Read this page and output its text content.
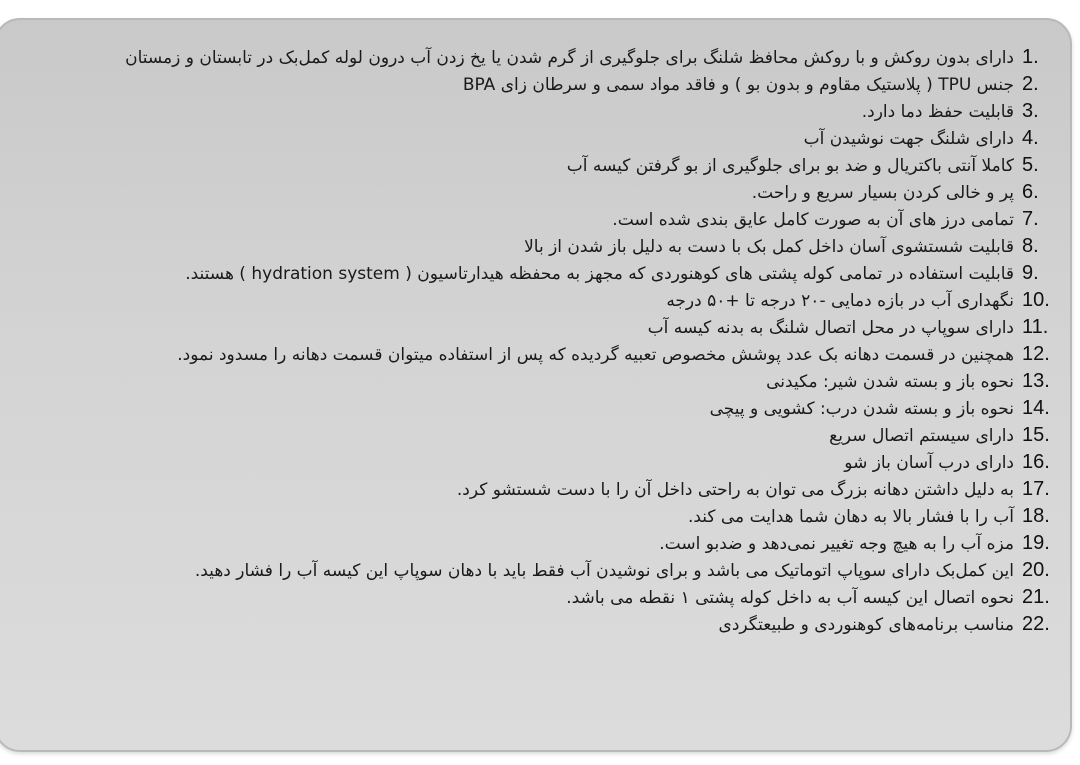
1.
دارای بدون روکش و با روکش محافظ شلنگ برای جلوگیری از گرم شدن یا یخ زدن آب درون لوله کمل‌بک در تابستان و زمستان
2.
جنس TPU ( پلاستیک مقاوم و بدون بو ) و فاقد مواد سمی و سرطان زای BPA
3.
قابلیت حفظ دما دارد.
4.
دارای شلنگ جهت نوشیدن آب
5.
کاملا آنتی باکتریال و ضد بو برای جلوگیری از بو گرفتن کیسه آب
6.
پر و خالی کردن بسیار سریع و راحت.
7.
تمامی درز های آن به صورت کامل عایق بندی شده است.
8.
قابلیت شستشوی آسان داخل کمل بک با دست به دلیل باز شدن از بالا
9.
قابلیت استفاده در تمامی کوله پشتی های کوهنوردی که مجهز به محفظه هیدارتاسیون ( hydration system ) هستند.
10.
نگهداری آب در بازه دمایی -۲۰ درجه تا +۵۰ درجه
11.
دارای سوپاپ در محل اتصال شلنگ به بدنه کیسه آب
12.
همچنین در قسمت دهانه بک عدد پوشش مخصوص تعبیه گردیده که پس از استفاده میتوان قسمت دهانه را مسدود نمود.
13.
نحوه باز و بسته شدن شیر: مکیدنی
14.
نحوه باز و بسته شدن درب: کشویی و پیچی
15.
دارای سیستم اتصال سریع
16.
دارای درب آسان باز شو
17.
به دلیل داشتن دهانه بزرگ می توان به راحتی داخل آن را با دست شستشو کرد.
18.
آب را با فشار بالا به دهان شما هدایت می کند.
19.
مزه آب را به هیچ وجه تغییر نمی‌دهد و ضدبو است.
20.
این کمل‌بک دارای سوپاپ اتوماتیک می باشد و برای نوشیدن آب فقط باید با دهان سوپاپ این کیسه آب را فشار دهید.
21.
نحوه اتصال این کیسه آب به داخل کوله پشتی ۱ نقطه می باشد.
22.
مناسب برنامه‌های کوهنوردی و طبیعتگردی
